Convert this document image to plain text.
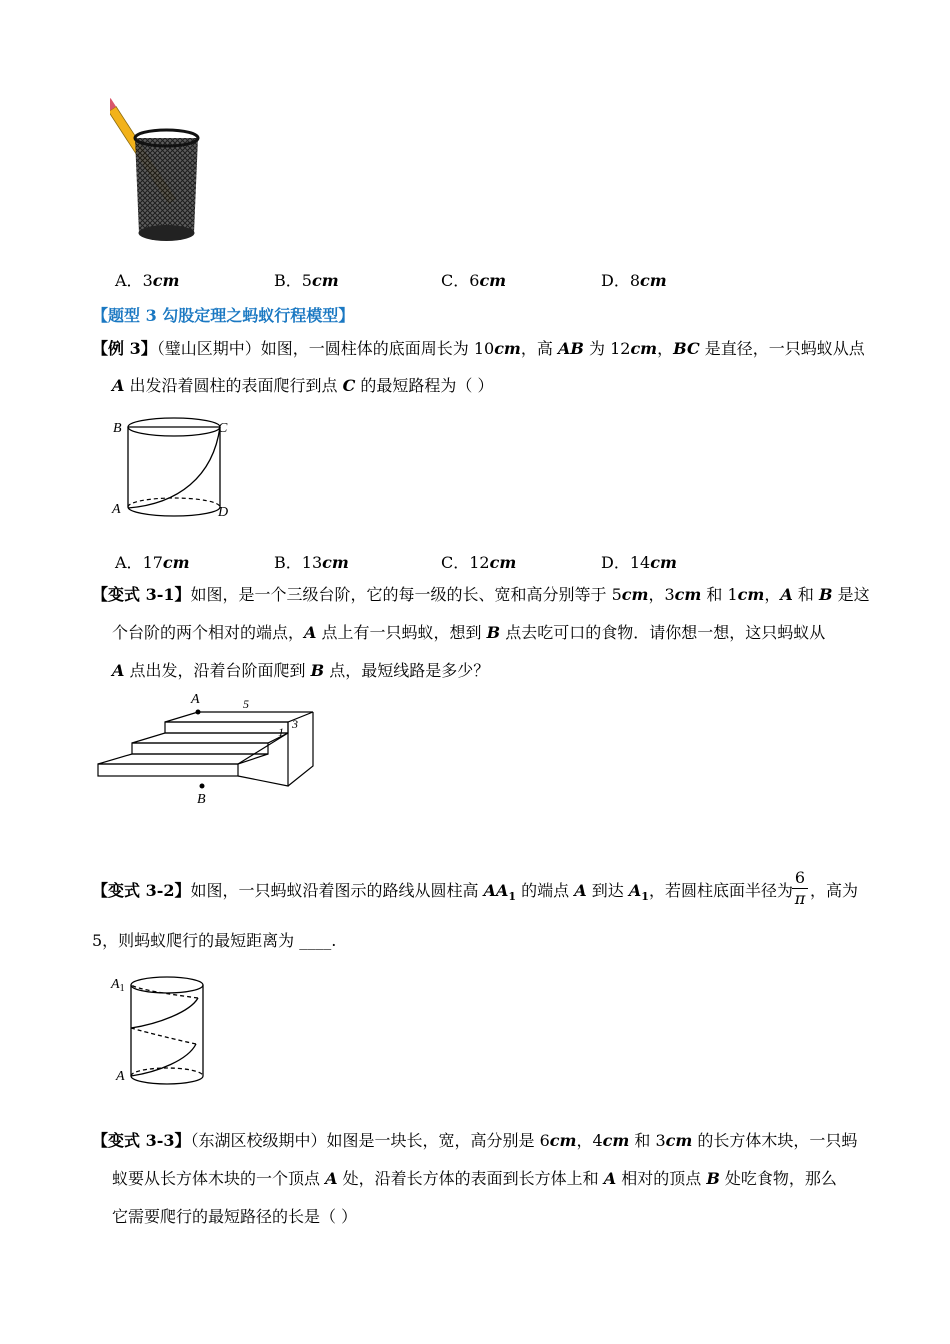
A．3cm	B．5cm	C．6cm	D．8cm
【题型 3 勾股定理之蚂蚁行程模型】
【例 3】（璧山区期中）如图，一圆柱体的底面周长为 10cm，高 AB 为 12cm，BC 是直径，一只蚂蚁从点
A 出发沿着圆柱的表面爬行到点 C 的最短路程为（ ）
B	C
A	D
A．17cm	B．13cm	C．12cm	D．14cm
【变式 3-1】如图，是一个三级台阶，它的每一级的长、宽和高分别等于 5cm，3cm 和 1cm，A 和 B 是这
个台阶的两个相对的端点，A 点上有一只蚂蚁，想到 B 点去吃可口的食物．请你想一想，这只蚂蚁从
A 点出发，沿着台阶面爬到 B 点，最短线路是多少？
A	5
3
1
B
【变式 3-2】如图，一只蚂蚁沿着图示的路线从圆柱高 $AA_1$ 的端点 A 到达 $A_1$，若圆柱底面半径为 $\frac{6}{\pi}$ ，高为
5，则蚂蚁爬行的最短距离为 ____.
$A_1$
A
【变式 3-3】（东湖区校级期中）如图是一块长，宽，高分别是 6cm，4cm 和 3cm 的长方体木块，一只蚂
蚁要从长方体木块的一个顶点 A 处，沿着长方体的表面到长方体上和 A 相对的顶点 B 处吃食物，那么
它需要爬行的最短路径的长是（ ）
